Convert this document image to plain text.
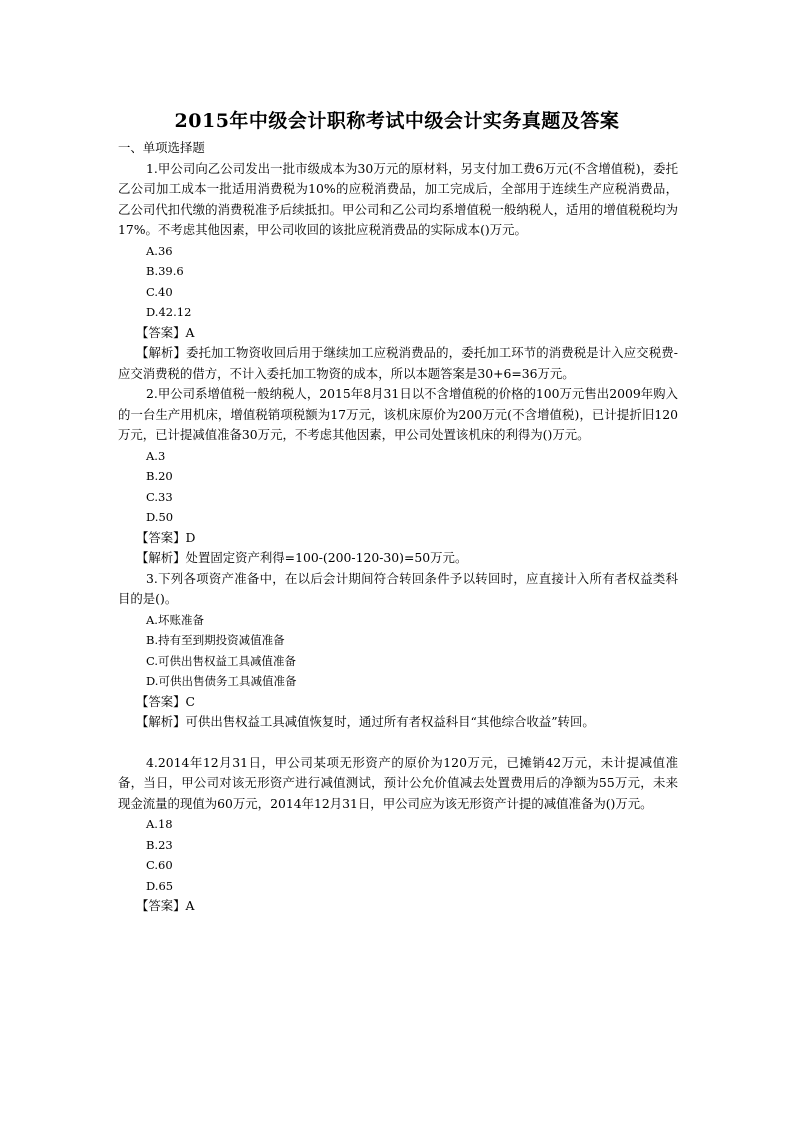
2015年中级会计职称考试中级会计实务真题及答案
一、单项选择题
1.甲公司向乙公司发出一批市级成本为30万元的原材料，另支付加工费6万元(不含增值税)，委托乙公司加工成本一批适用消费税为10%的应税消费品，加工完成后，全部用于连续生产应税消费品，乙公司代扣代缴的消费税准予后续抵扣。甲公司和乙公司均系增值税一般纳税人，适用的增值税税均为17%。不考虑其他因素，甲公司收回的该批应税消费品的实际成本()万元。
A.36
B.39.6
C.40
D.42.12
【答案】A
【解析】委托加工物资收回后用于继续加工应税消费品的，委托加工环节的消费税是计入应交税费-应交消费税的借方，不计入委托加工物资的成本，所以本题答案是30+6=36万元。
2.甲公司系增值税一般纳税人，2015年8月31日以不含增值税的价格的100万元售出2009年购入的一台生产用机床，增值税销项税额为17万元，该机床原价为200万元(不含增值税)，已计提折旧120万元，已计提减值准备30万元，不考虑其他因素，甲公司处置该机床的利得为()万元。
A.3
B.20
C.33
D.50
【答案】D
【解析】处置固定资产利得=100-(200-120-30)=50万元。
3.下列各项资产准备中，在以后会计期间符合转回条件予以转回时，应直接计入所有者权益类科目的是()。
A.坏账准备
B.持有至到期投资减值准备
C.可供出售权益工具减值准备
D.可供出售债务工具减值准备
【答案】C
【解析】可供出售权益工具减值恢复时，通过所有者权益科目“其他综合收益”转回。
4.2014年12月31日，甲公司某项无形资产的原价为120万元，已摊销42万元，未计提减值准备，当日，甲公司对该无形资产进行减值测试，预计公允价值减去处置费用后的净额为55万元，未来现金流量的现值为60万元，2014年12月31日，甲公司应为该无形资产计提的减值准备为()万元。
A.18
B.23
C.60
D.65
【答案】A
